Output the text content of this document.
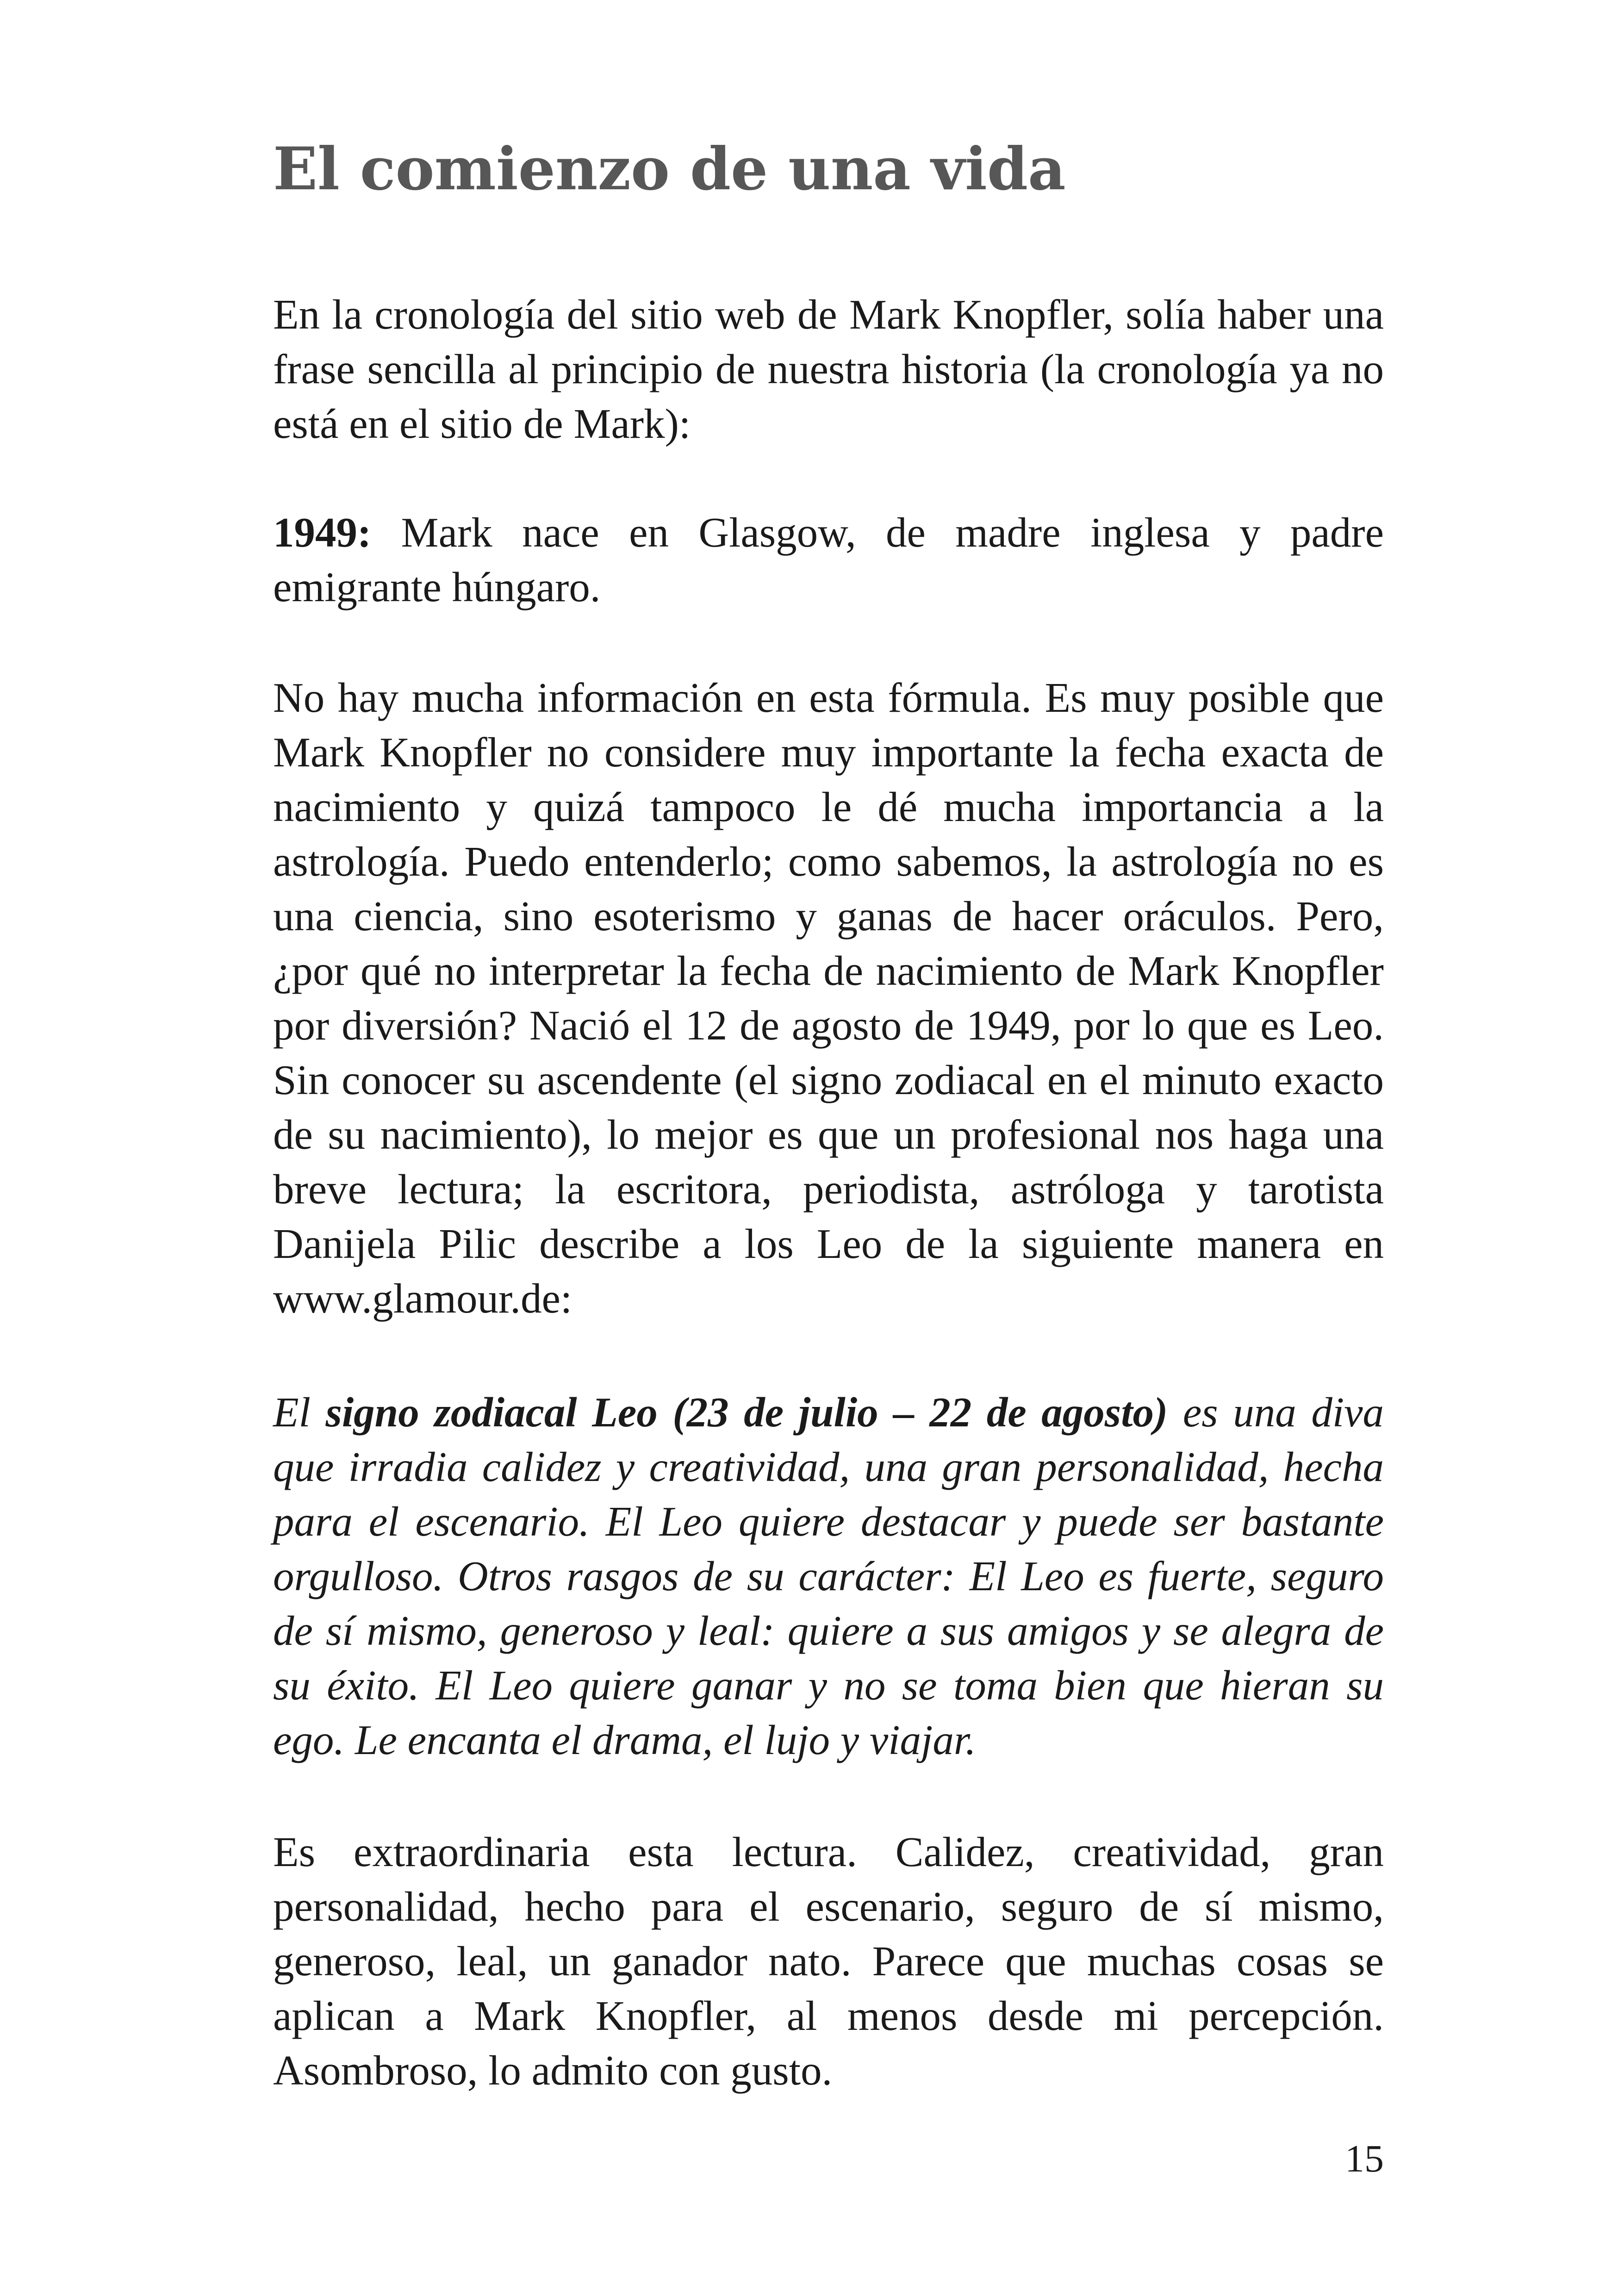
El comienzo de una vida

En la cronología del sitio web de Mark Knopfler, solía haber una frase sencilla al principio de nuestra historia (la cronología ya no está en el sitio de Mark):

1949: Mark nace en Glasgow, de madre inglesa y padre emigrante húngaro.

No hay mucha información en esta fórmula. Es muy posible que Mark Knopfler no considere muy importante la fecha exacta de nacimiento y quizá tampoco le dé mucha importancia a la astrología. Puedo entenderlo; como sabemos, la astrología no es una ciencia, sino esoterismo y ganas de hacer oráculos. Pero, ¿por qué no interpretar la fecha de nacimiento de Mark Knopfler por diversión? Nació el 12 de agosto de 1949, por lo que es Leo. Sin conocer su ascendente (el signo zodiacal en el minuto exacto de su nacimiento), lo mejor es que un profesional nos haga una breve lectura; la escritora, periodista, astróloga y tarotista Danijela Pilic describe a los Leo de la siguiente manera en www.glamour.de:

El signo zodiacal Leo (23 de julio – 22 de agosto) es una diva que irradia calidez y creatividad, una gran personalidad, hecha para el escenario. El Leo quiere destacar y puede ser bastante orgulloso. Otros rasgos de su carácter: El Leo es fuerte, seguro de sí mismo, generoso y leal: quiere a sus amigos y se alegra de su éxito. El Leo quiere ganar y no se toma bien que hieran su ego. Le encanta el drama, el lujo y viajar.

Es extraordinaria esta lectura. Calidez, creatividad, gran personalidad, hecho para el escenario, seguro de sí mismo, generoso, leal, un ganador nato. Parece que muchas cosas se aplican a Mark Knopfler, al menos desde mi percepción. Asombroso, lo admito con gusto.

15
